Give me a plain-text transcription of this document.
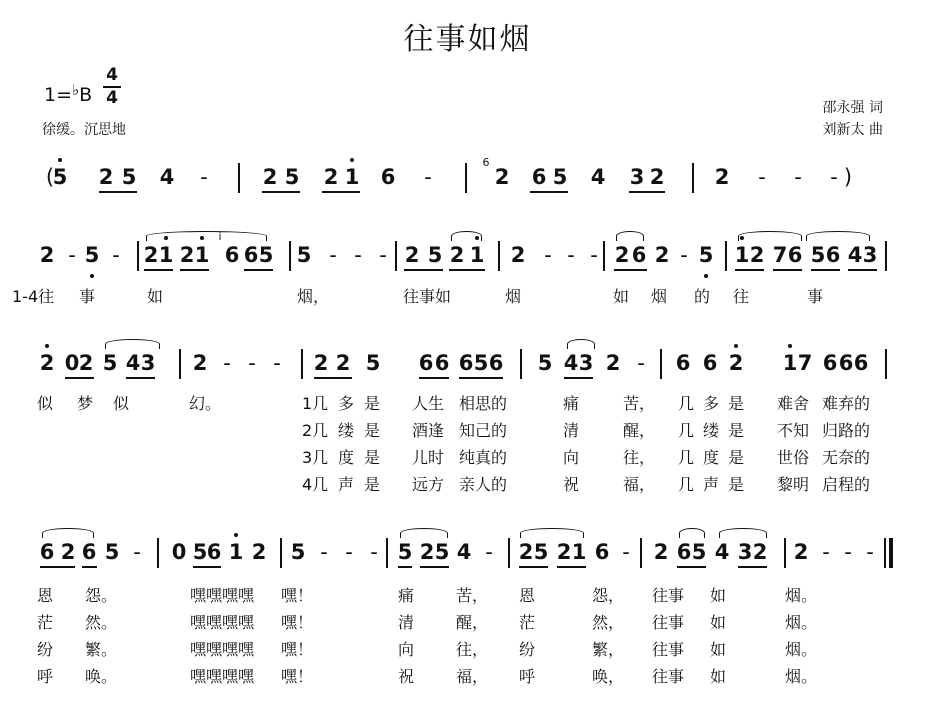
往事如烟
1=♭B
4
4
徐缓。沉思地
邵永强 词
刘新太 曲
(
5 2 5 4 -	2 5 2 1 6 -	2 6 5 4 3 2 2 - - - )
2 - 5 - 2 1 2 1 6 6 5 5 - - - 2 5 2 1 2 - - - 2 6 2 - 5 1 2 7 6 5 6 4 3
2 0 2 5 4 3 2 - - - 2 2 5 6 6 6 5 6 5 4 3 2 - 6 6 2 1 7 6 6 6
6 2 6 5 - 0 5 6 1 2 5 - - - 5 2 5 4 - 2 5 2 1 6 - 2 6 5 4 3 2 2 - - -
6
i
1-4往 事	如	烟，	往事如	烟	如 烟 的 往	事
似 梦 似	幻。	1几 多 是 人生 相思的	痛	苦， 几 多 是 难舍 难弃的
2几 缕 是 酒逢 知己的	清	醒， 几 缕 是 不知 归路的
3几 度 是 儿时 纯真的	向	往， 几 度 是 世俗 无奈的
4几 声 是 远方 亲人的	祝	福， 几 声 是 黎明 启程的
恩 怨。	嘿嘿嘿嘿 嘿！	痛	苦， 恩	怨， 往事 如	烟。
茫 然。	嘿嘿嘿嘿 嘿！	清	醒， 茫	然， 往事 如	烟。
纷 繁。	嘿嘿嘿嘿 嘿！	向	往， 纷	繁， 往事 如	烟。
呼 唤。	嘿嘿嘿嘿 嘿！	祝	福， 呼	唤， 往事 如	烟。
